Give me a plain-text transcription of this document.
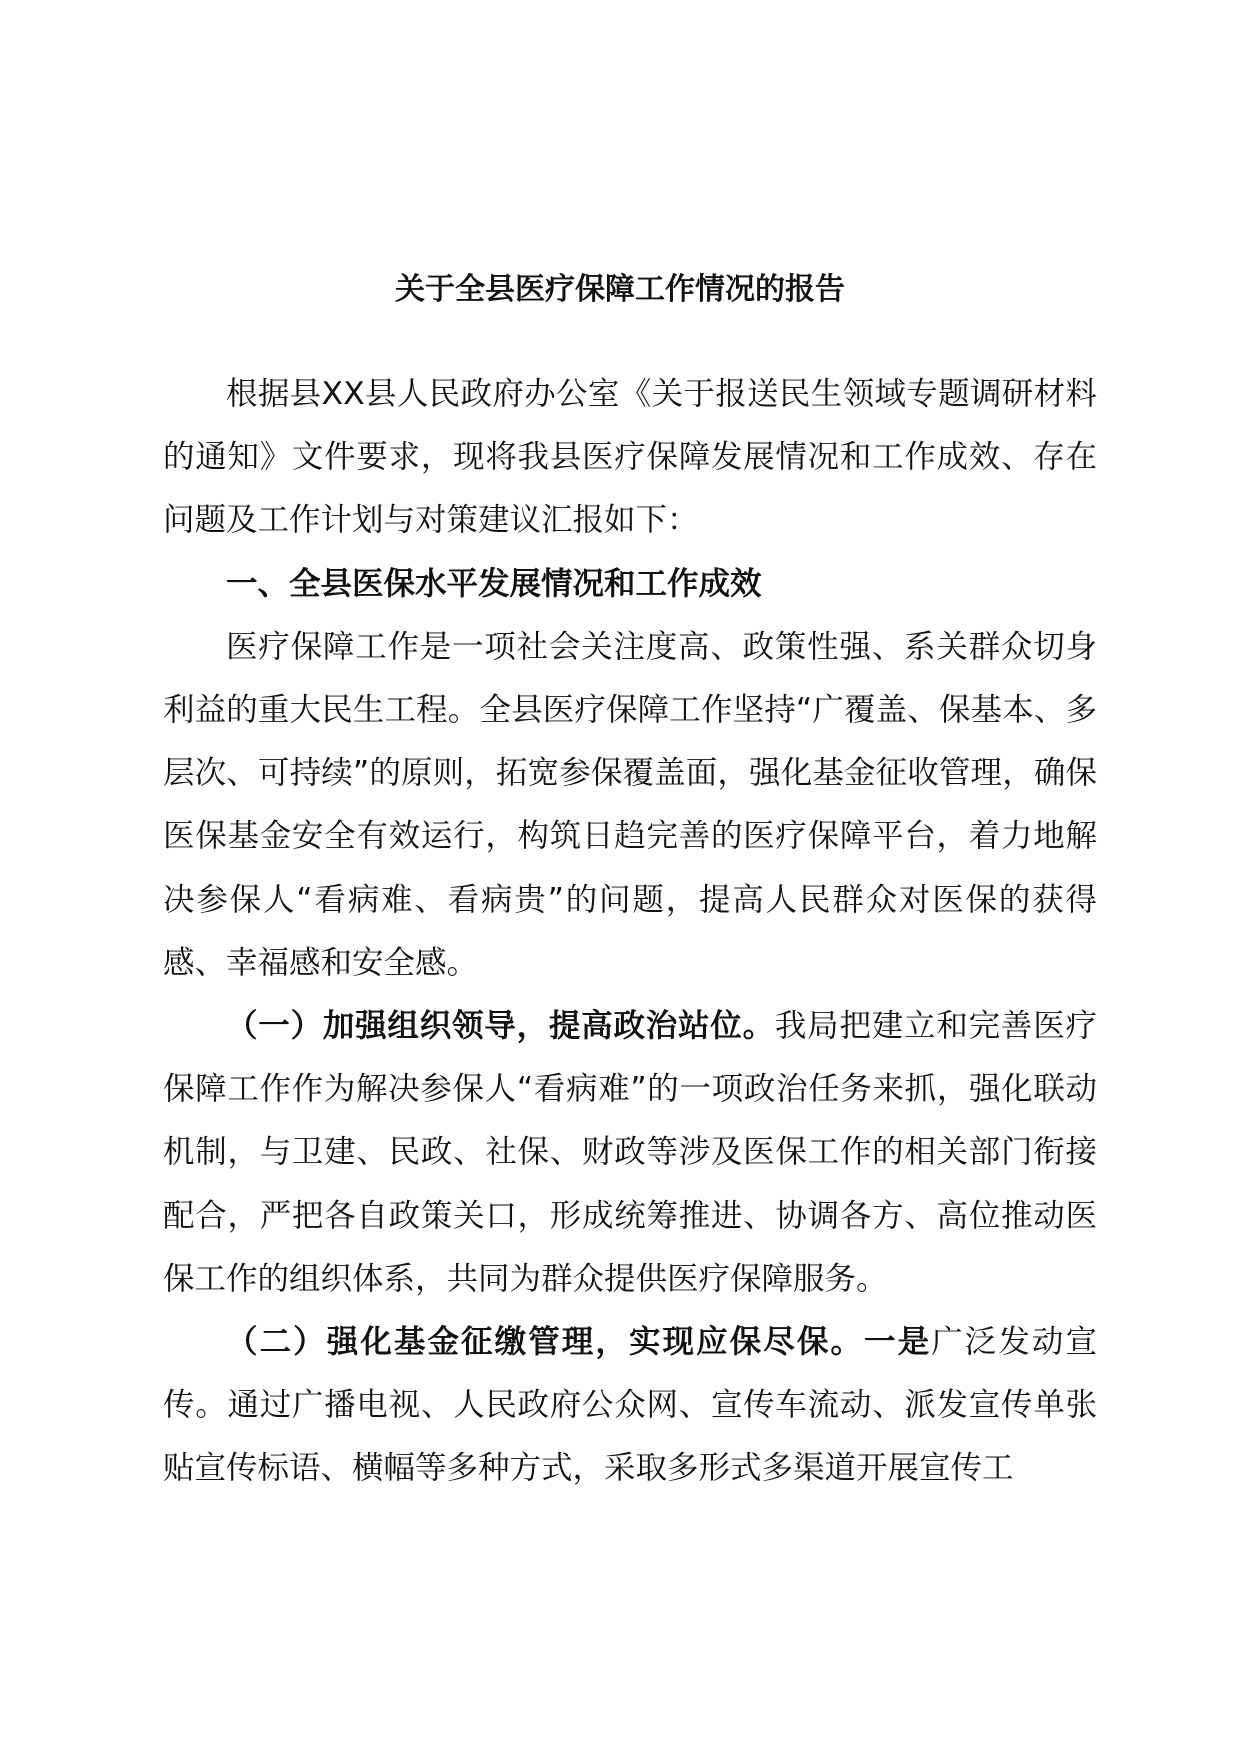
关于全县医疗保障工作情况的报告

根据县XX县人民政府办公室《关于报送民生领域专题调研材料的通知》文件要求，现将我县医疗保障发展情况和工作成效、存在问题及工作计划与对策建议汇报如下：

一、全县医保水平发展情况和工作成效

医疗保障工作是一项社会关注度高、政策性强、系关群众切身利益的重大民生工程。全县医疗保障工作坚持“广覆盖、保基本、多层次、可持续”的原则，拓宽参保覆盖面，强化基金征收管理，确保医保基金安全有效运行，构筑日趋完善的医疗保障平台，着力地解决参保人“看病难、看病贵”的问题，提高人民群众对医保的获得感、幸福感和安全感。

（一）加强组织领导，提高政治站位。我局把建立和完善医疗保障工作作为解决参保人“看病难”的一项政治任务来抓，强化联动机制，与卫建、民政、社保、财政等涉及医保工作的相关部门衔接配合，严把各自政策关口，形成统筹推进、协调各方、高位推动医保工作的组织体系，共同为群众提供医疗保障服务。

（二）强化基金征缴管理，实现应保尽保。一是广泛发动宣传。通过广播电视、人民政府公众网、宣传车流动、派发宣传单张贴宣传标语、横幅等多种方式，采取多形式多渠道开展宣传工
